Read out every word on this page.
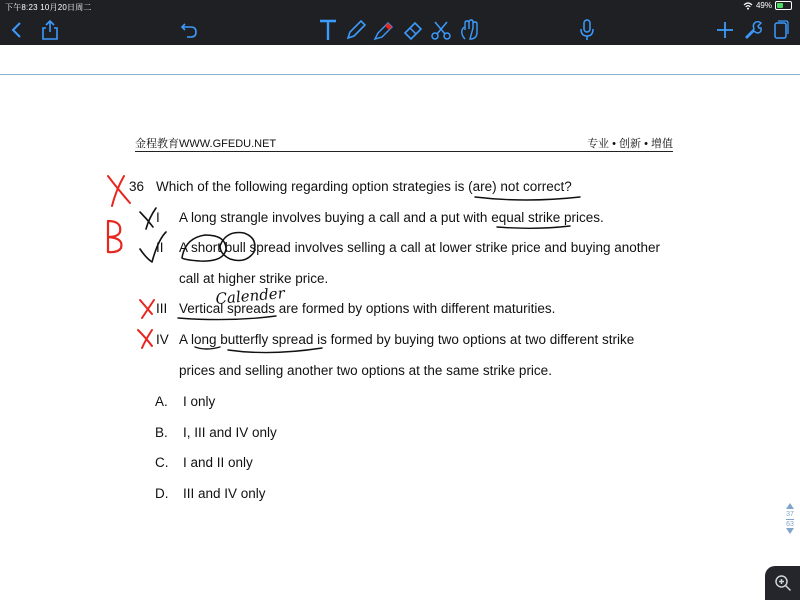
下午8:23 10月20日周二	49%
金程教育WWW.GFEDU.NET	专业 • 创新 • 增值
36 Which of the following regarding option strategies is (are) not correct?
I A long strangle involves buying a call and a put with equal strike prices.
II A short bull spread involves selling a call at lower strike price and buying another
call at higher strike price.
III Vertical spreads are formed by options with different maturities.
IV A long butterfly spread is formed by buying two options at two different strike
prices and selling another two options at the same strike price.
A. I only
B. I, III and IV only
C. I and II only
D. III and IV only
Calender
37
63
